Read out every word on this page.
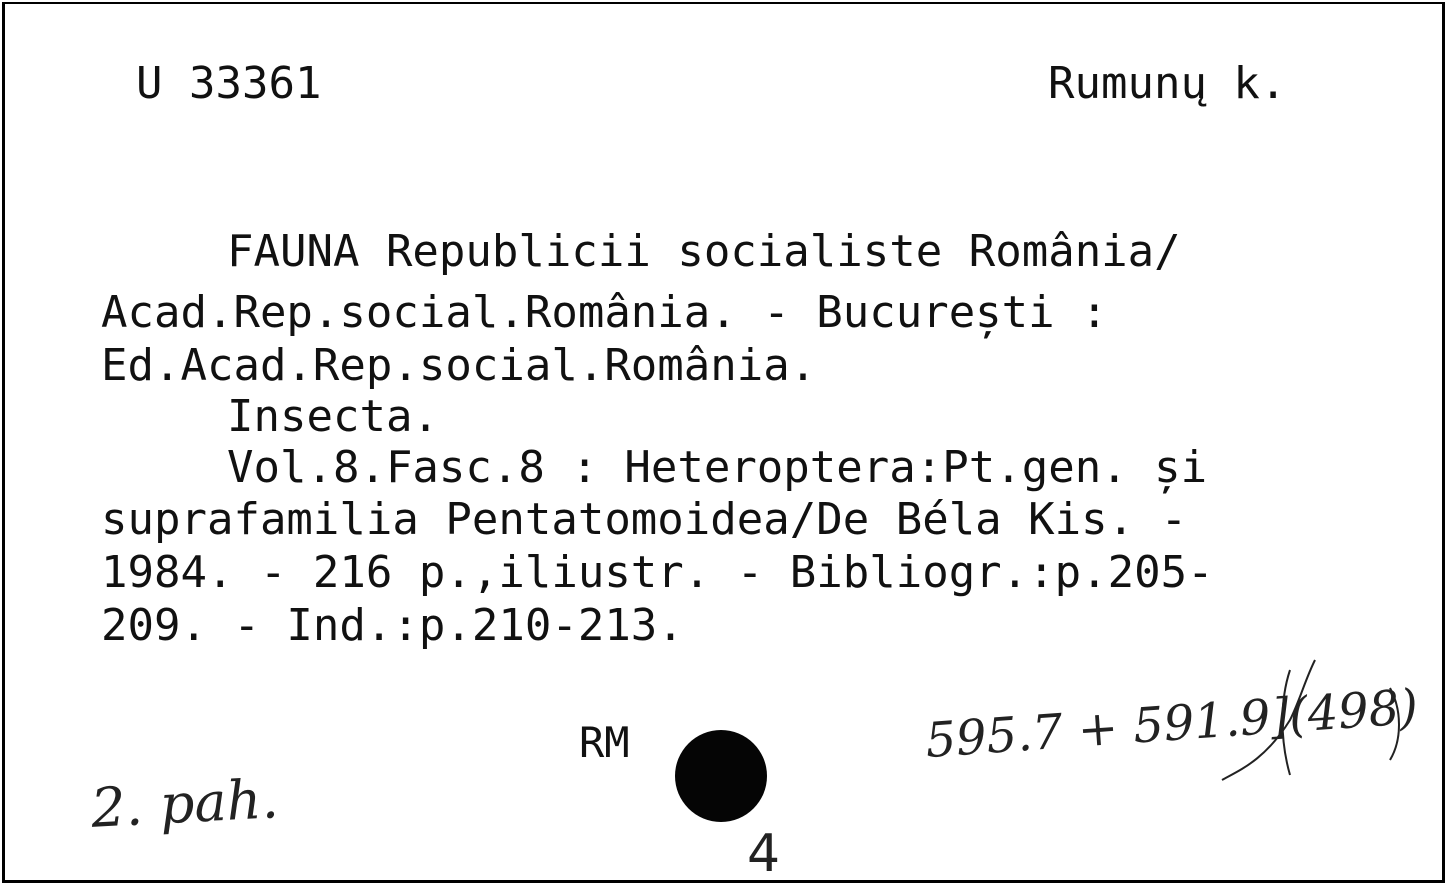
U 33361	Rumunų k.
FAUNA Republicii socialiste România/
Acad.Rep.social.România. - București :
Ed.Acad.Rep.social.România.
Insecta.
Vol.8.Fasc.8 : Heteroptera:Pt.gen. și
suprafamilia Pentatomoidea/De Béla Kis. -
1984. - 216 p.,iliustr. - Bibliogr.:p.205-
209. - Ind.:p.210-213.
RM	595.7 + 591.9](498)
2. pah.
4
